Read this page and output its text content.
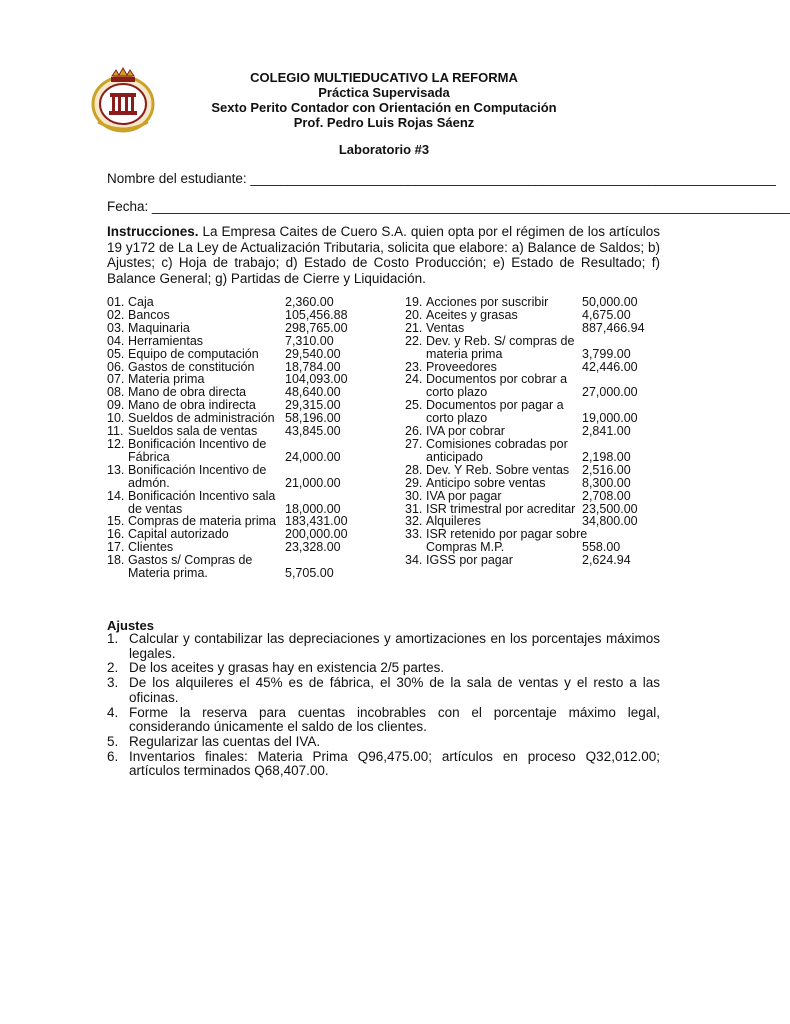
COLEGIO MULTIEDUCATIVO LA REFORMA
Práctica Supervisada
Sexto Perito Contador con Orientación en Computación
Prof. Pedro Luis Rojas Sáenz
Laboratorio #3
Nombre del estudiante: ______________________________________________________________________
Fecha: _____________________________________________________________________________________
Instrucciones. La Empresa Caites de Cuero S.A. quien opta por el régimen de los artículos 19 y172 de La Ley de Actualización Tributaria, solicita que elabore: a) Balance de Saldos; b) Ajustes; c) Hoja de trabajo; d) Estado de Costo Producción; e) Estado de Resultado; f) Balance General; g) Partidas de Cierre y Liquidación.
01. Caja	2,360.00
02. Bancos	105,456.88
03. Maquinaria	298,765.00
04. Herramientas	7,310.00
05. Equipo de computación	29,540.00
06. Gastos de constitución	18,784.00
07. Materia prima	104,093.00
08. Mano de obra directa	48,640.00
09. Mano de obra indirecta	29,315.00
10. Sueldos de administración 58,196.00
11. Sueldos sala de ventas	43,845.00
12. Bonificación Incentivo de Fábrica	24,000.00
13. Bonificación Incentivo de admón.	21,000.00
14. Bonificación Incentivo sala de ventas	18,000.00
15. Compras de materia prima 183,431.00
16. Capital autorizado	200,000.00
17. Clientes	23,328.00
18. Gastos s/ Compras de Materia prima.	5,705.00
19. Acciones por suscribir	50,000.00
20. Aceites y grasas	4,675.00
21. Ventas	887,466.94
22. Dev. y Reb. S/ compras de materia prima	3,799.00
23. Proveedores	42,446.00
24. Documentos por cobrar a corto plazo	27,000.00
25. Documentos por pagar a corto plazo	19,000.00
26. IVA por cobrar	2,841.00
27. Comisiones cobradas por anticipado	2,198.00
28. Dev. Y Reb. Sobre ventas	2,516.00
29. Anticipo sobre ventas	8,300.00
30. IVA por pagar	2,708.00
31. ISR trimestral por acreditar 23,500.00
32. Alquileres	34,800.00
33. ISR retenido por pagar sobre Compras M.P.	558.00
34. IGSS por pagar	2,624.94
Ajustes
1. Calcular y contabilizar las depreciaciones y amortizaciones en los porcentajes máximos legales.
2. De los aceites y grasas hay en existencia 2/5 partes.
3. De los alquileres el 45% es de fábrica, el 30% de la sala de ventas y el resto a las oficinas.
4. Forme la reserva para cuentas incobrables con el porcentaje máximo legal, considerando únicamente el saldo de los clientes.
5. Regularizar las cuentas del IVA.
6. Inventarios finales: Materia Prima Q96,475.00; artículos en proceso Q32,012.00; artículos terminados Q68,407.00.
